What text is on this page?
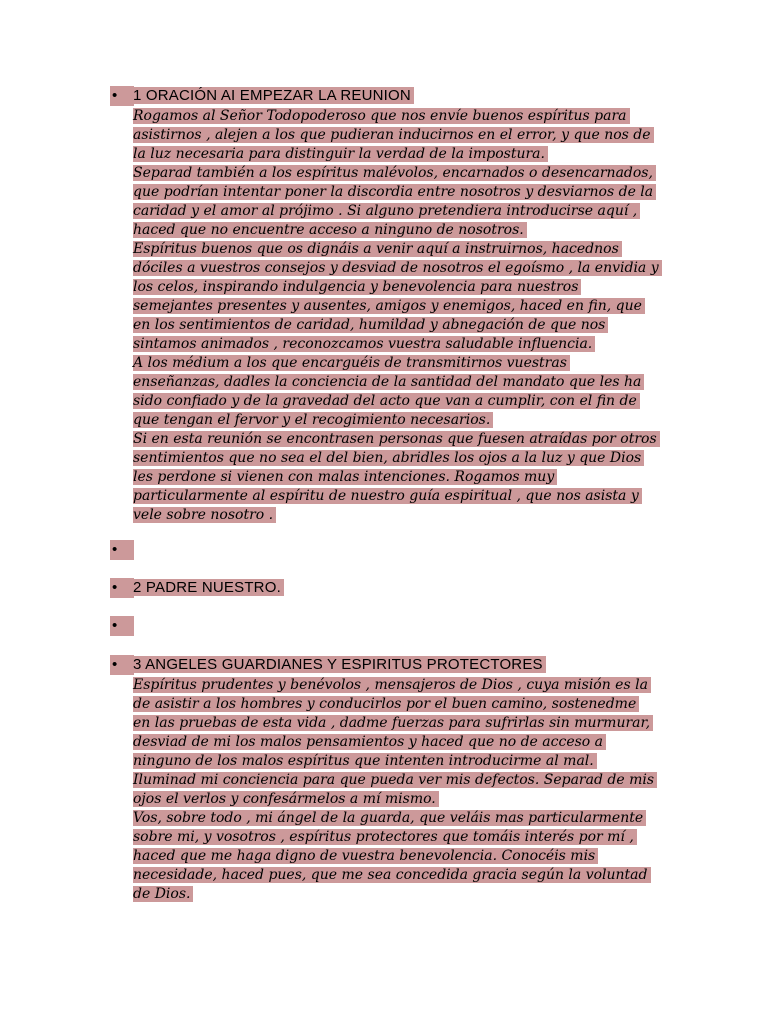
•	1 ORACIÓN AI EMPEZAR LA REUNION
Rogamos al Señor Todopoderoso que nos envíe buenos espíritus para
asistirnos , alejen a los que pudieran inducirnos en el error, y que nos de
la luz necesaria para distinguir la verdad de la impostura.
Separad también a los espíritus malévolos, encarnados o desencarnados,
que podrían intentar poner la discordia entre nosotros y desviarnos de la
caridad y el amor al prójimo . Si alguno pretendiera introducirse aquí ,
haced que no encuentre acceso a ninguno de nosotros.
Espíritus buenos que os dignáis a venir aquí a instruirnos, hacednos
dóciles a vuestros consejos y desviad de nosotros el egoísmo , la envidia y
los celos, inspirando indulgencia y benevolencia para nuestros
semejantes presentes y ausentes, amigos y enemigos, haced en fin, que
en los sentimientos de caridad, humildad y abnegación de que nos
sintamos animados , reconozcamos vuestra saludable influencia.
A los médium a los que encarguéis de transmitirnos vuestras
enseñanzas, dadles la conciencia de la santidad del mandato que les ha
sido confiado y de la gravedad del acto que van a cumplir, con el fin de
que tengan el fervor y el recogimiento necesarios.
Si en esta reunión se encontrasen personas que fuesen atraídas por otros
sentimientos que no sea el del bien, abridles los ojos a la luz y que Dios
les perdone si vienen con malas intenciones. Rogamos muy
particularmente al espíritu de nuestro guía espiritual , que nos asista y
vele sobre nosotro .
•
•	2 PADRE NUESTRO.
•
•	3 ANGELES GUARDIANES Y ESPIRITUS PROTECTORES
Espíritus prudentes y benévolos , mensajeros de Dios , cuya misión es la
de asistir a los hombres y conducirlos por el buen camino, sostenedme
en las pruebas de esta vida , dadme fuerzas para sufrirlas sin murmurar,
desviad de mi los malos pensamientos y haced que no de acceso a
ninguno de los malos espíritus que intenten introducirme al mal.
Iluminad mi conciencia para que pueda ver mis defectos. Separad de mis
ojos el verlos y confesármelos a mí mismo.
Vos, sobre todo , mi ángel de la guarda, que veláis mas particularmente
sobre mi, y vosotros , espíritus protectores que tomáis interés por mí ,
haced que me haga digno de vuestra benevolencia. Conocéis mis
necesidade, haced pues, que me sea concedida gracia según la voluntad
de Dios.
